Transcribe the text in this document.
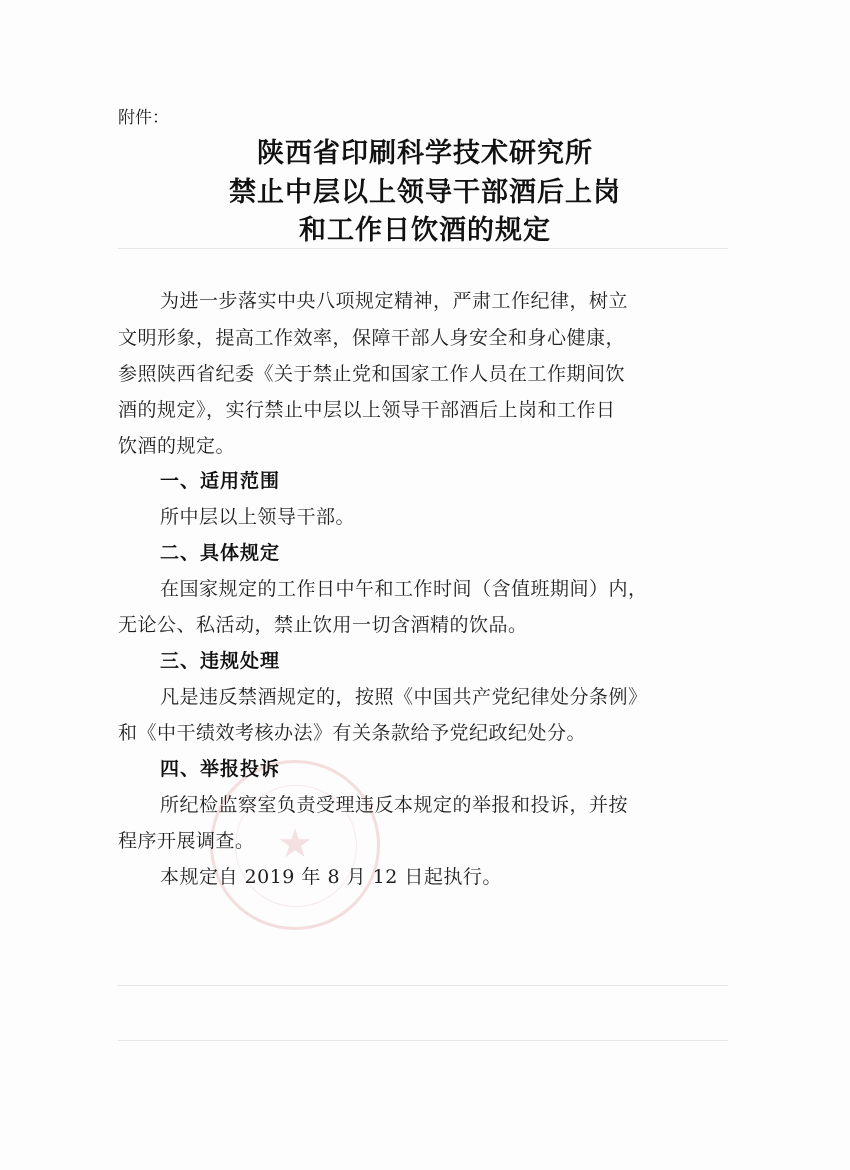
★
附件：
陕西省印刷科学技术研究所
禁止中层以上领导干部酒后上岗
和工作日饮酒的规定
为进一步落实中央八项规定精神，严肃工作纪律，树立
文明形象，提高工作效率，保障干部人身安全和身心健康，
参照陕西省纪委《关于禁止党和国家工作人员在工作期间饮
酒的规定》，实行禁止中层以上领导干部酒后上岗和工作日
饮酒的规定。
一、适用范围
所中层以上领导干部。
二、具体规定
在国家规定的工作日中午和工作时间（含值班期间）内，
无论公、私活动，禁止饮用一切含酒精的饮品。
三、违规处理
凡是违反禁酒规定的，按照《中国共产党纪律处分条例》
和《中干绩效考核办法》有关条款给予党纪政纪处分。
四、举报投诉
所纪检监察室负责受理违反本规定的举报和投诉，并按
程序开展调查。
本规定自 2019 年 8 月 12 日起执行。
